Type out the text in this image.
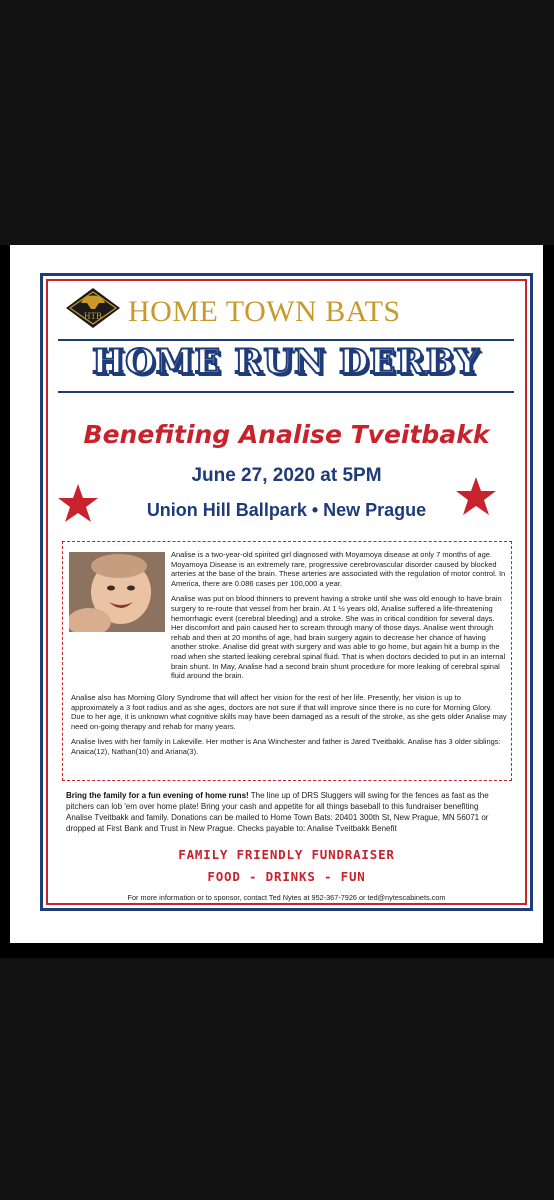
HTB HOME TOWN BATS
HOME RUN DERBY
Benefiting Analise Tveitbakk
June 27, 2020 at 5PM
Union Hill Ballpark • New Prague

Analise is a two-year-old spirited girl diagnosed with Moyamoya disease at only 7 months of age. Moyamoya Disease is an extremely rare, progressive cerebrovascular disorder caused by blocked arteries at the base of the brain. These arteries are associated with the regulation of motor control. In America, there are 0.086 cases per 100,000 a year.

Analise was put on blood thinners to prevent having a stroke until she was old enough to have brain surgery to re-route that vessel from her brain. At 1 ½ years old, Analise suffered a life-threatening hemorrhagic event (cerebral bleeding) and a stroke. She was in critical condition for several days. Her discomfort and pain caused her to scream through many of those days. Analise went through rehab and then at 20 months of age, had brain surgery again to decrease her chance of having another stroke. Analise did great with surgery and was able to go home, but again hit a bump in the road when she started leaking cerebral spinal fluid. That is when doctors decided to put in an internal brain shunt. In May, Analise had a second brain shunt procedure for more leaking of cerebral spinal fluid around the brain.

Analise also has Morning Glory Syndrome that will affect her vision for the rest of her life. Presently, her vision is up to approximately a 3 foot radius and as she ages, doctors are not sure if that will improve since there is no cure for Morning Glory. Due to her age, it is unknown what cognitive skills may have been damaged as a result of the stroke, as she gets older Analise may need on-going therapy and rehab for many years.

Analise lives with her family in Lakeville. Her mother is Ana Winchester and father is Jared Tveitbakk. Analise has 3 older siblings: Anaica(12), Nathan(10) and Ariana(3).

Bring the family for a fun evening of home runs! The line up of DRS Sluggers will swing for the fences as fast as the pitchers can lob 'em over home plate! Bring your cash and appetite for all things baseball to this fundraiser benefiting Analise Tveitbakk and family. Donations can be mailed to Home Town Bats: 20401 300th St, New Prague, MN 56071 or dropped at First Bank and Trust in New Prague. Checks payable to: Analise Tveitbakk Benefit
FAMILY FRIENDLY FUNDRAISER
FOOD - DRINKS - FUN
For more information or to sponsor, contact Ted Nytes at 952-367-7926 or ted@nytescabinets.com
